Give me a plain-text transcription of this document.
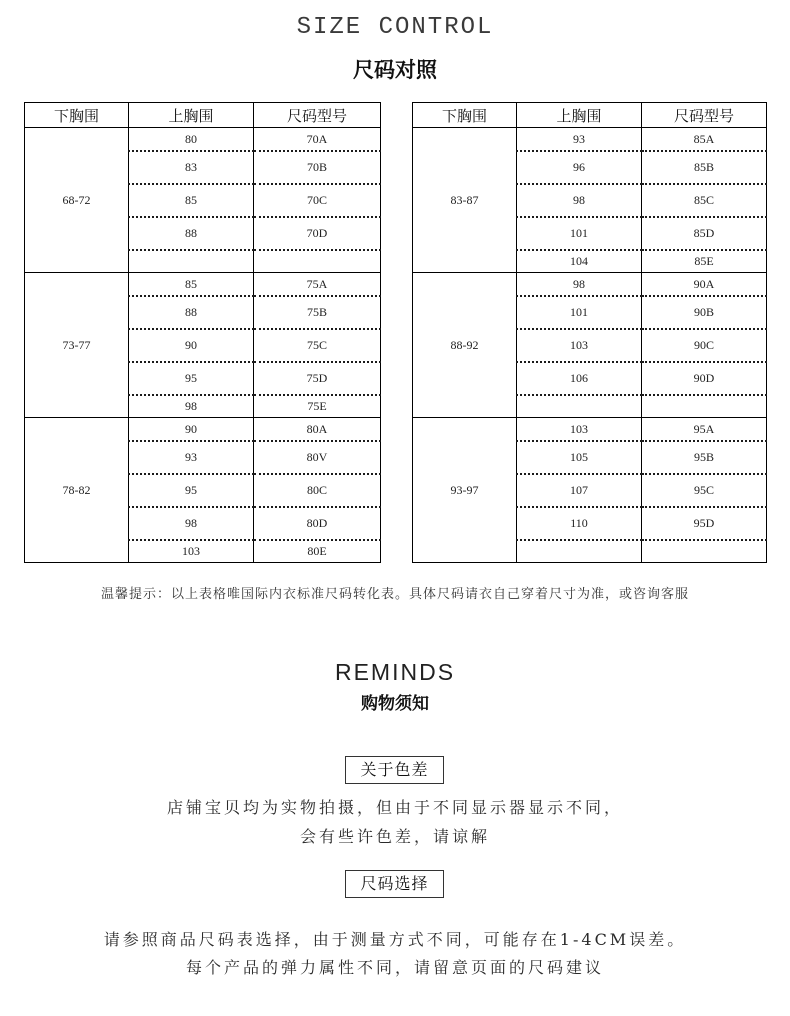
SIZE CONTROL
尺码对照
下胸围	上胸围	尺码型号
68-72	80	70A
	83	70B
	85	70C
	88	70D

73-77	85	75A
	88	75B
	90	75C
	95	75D
	98	75E
78-82	90	80A
	93	80V
	95	80C
	98	80D
	103	80E
下胸围	上胸围	尺码型号
83-87	93	85A
	96	85B
	98	85C
	101	85D
	104	85E
88-92	98	90A
	101	90B
	103	90C
	106	90D

93-97	103	95A
	105	95B
	107	95C
	110	95D

温馨提示：以上表格唯国际内衣标准尺码转化表。具体尺码请衣自己穿着尺寸为准，或咨询客服
REMINDS
购物须知
关于色差
店铺宝贝均为实物拍摄，但由于不同显示器显示不同，
会有些许色差，请谅解
尺码选择
请参照商品尺码表选择，由于测量方式不同，可能存在1-4CM误差。
每个产品的弹力属性不同，请留意页面的尺码建议
